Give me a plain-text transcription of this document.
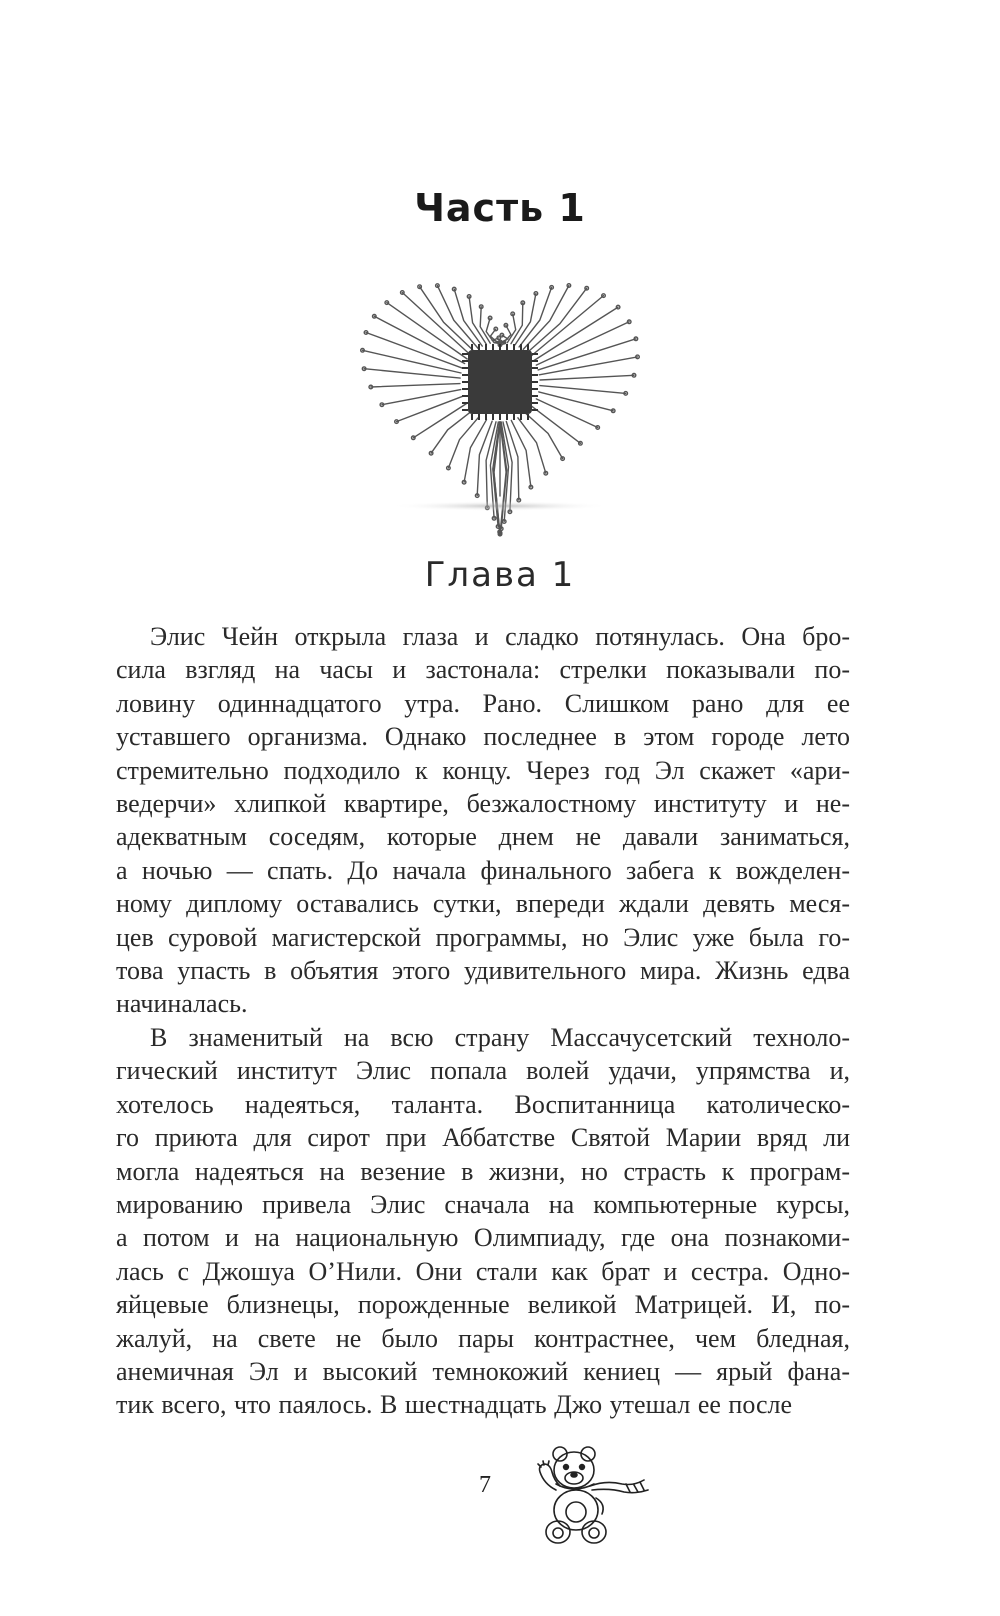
Часть 1
Глава 1

Элис Чейн открыла глаза и сладко потянулась. Она бро-
сила взгляд на часы и застонала: стрелки показывали по-
ловину одиннадцатого утра. Рано. Слишком рано для ее
уставшего организма. Однако последнее в этом городе лето
стремительно подходило к концу. Через год Эл скажет «ари-
ведерчи» хлипкой квартире, безжалостному институту и не-
адекватным соседям, которые днем не давали заниматься,
а ночью — спать. До начала финального забега к вожделен-
ному диплому оставались сутки, впереди ждали девять меся-
цев суровой магистерской программы, но Элис уже была го-
това упасть в объятия этого удивительного мира. Жизнь едва
начиналась.

В знаменитый на всю страну Массачусетский техноло-
гический институт Элис попала волей удачи, упрямства и,
хотелось надеяться, таланта. Воспитанница католическо-
го приюта для сирот при Аббатстве Святой Марии вряд ли
могла надеяться на везение в жизни, но страсть к програм-
мированию привела Элис сначала на компьютерные курсы,
а потом и на национальную Олимпиаду, где она познакоми-
лась с Джошуа О’Нили. Они стали как брат и сестра. Одно-
яйцевые близнецы, порожденные великой Матрицей. И, по-
жалуй, на свете не было пары контрастнее, чем бледная,
анемичная Эл и высокий темнокожий кениец — ярый фана-
тик всего, что паялось. В шестнадцать Джо утешал ее после

7
